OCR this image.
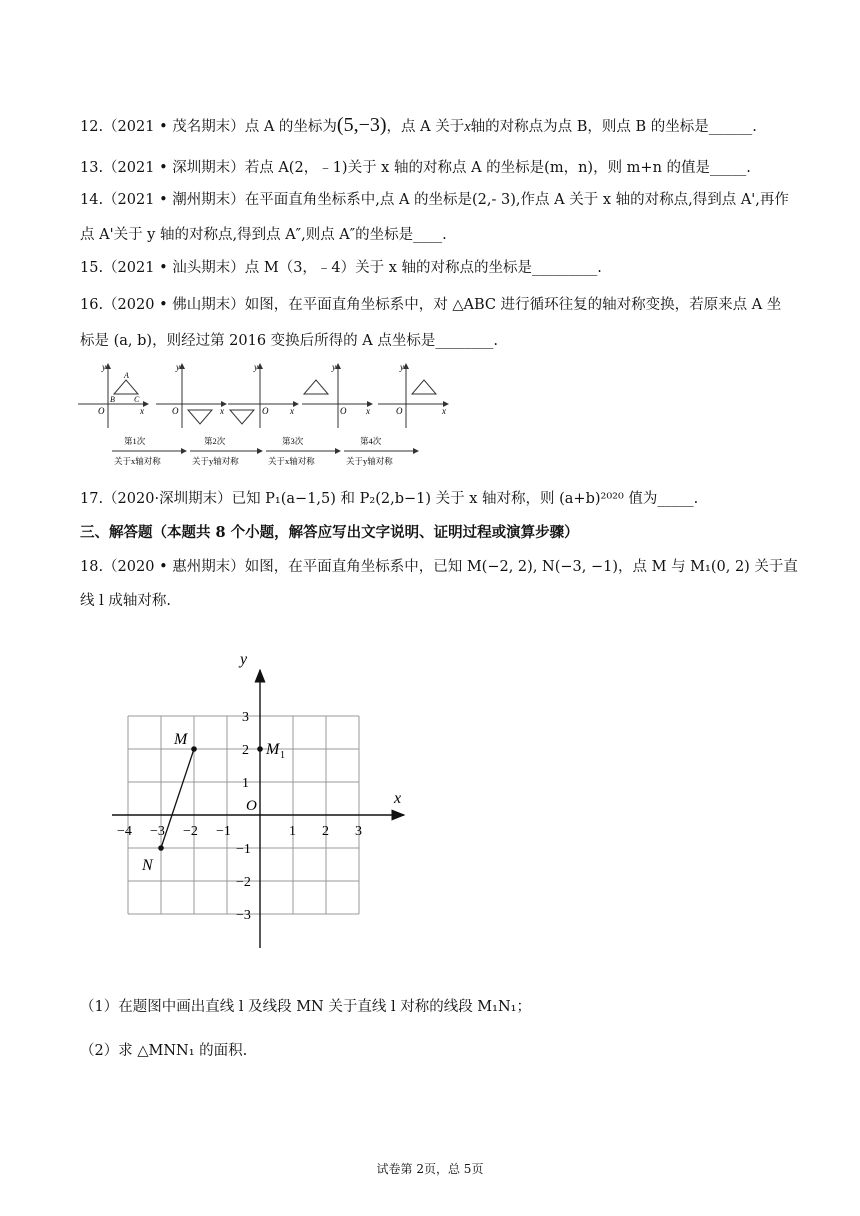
12.（2021 • 茂名期末）点 A 的坐标为(5,−3)，点 A 关于x轴的对称点为点 B，则点 B 的坐标是______.
13.（2021 • 深圳期末）若点 A(2，﹣1)关于 x 轴的对称点 A 的坐标是(m，n)，则 m+n 的值是_____.
14.（2021 • 潮州期末）在平面直角坐标系中,点 A 的坐标是(2,- 3),作点 A 关于 x 轴的对称点,得到点 A',再作
点 A'关于 y 轴的对称点,得到点 A″,则点 A″的坐标是____.
15.（2021 • 汕头期末）点 M（3，﹣4）关于 x 轴的对称点的坐标是_________.
16.（2020 • 佛山期末）如图，在平面直角坐标系中，对 △ABC 进行循环往复的轴对称变换，若原来点 A 坐
标是 (a, b)，则经过第 2016 变换后所得的 A 点坐标是________.
y
x
O
A
B C
y
x
O
y
x
O
y
x
O
y
x
O
第1次
关于x轴对称
第2次
关于y轴对称
第3次
关于x轴对称
第4次
关于y轴对称
17.（2020·深圳期末）已知 P₁(a−1,5) 和 P₂(2,b−1) 关于 x 轴对称，则 (a+b)²⁰²⁰ 值为_____.
三、解答题（本题共 8 个小题，解答应写出文字说明、证明过程或演算步骤）
18.（2020 • 惠州期末）如图，在平面直角坐标系中，已知 M(−2, 2), N(−3, −1)，点 M 与 M₁(0, 2) 关于直
线 l 成轴对称.
y
x
O
−4 −3 −2 −1	1 2 3
3
2
1
−1
−2
−3
M
N
M 1
（1）在题图中画出直线 l 及线段 MN 关于直线 l 对称的线段 M₁N₁；
（2）求 △MNN₁ 的面积.
试卷第 2页，总 5页
